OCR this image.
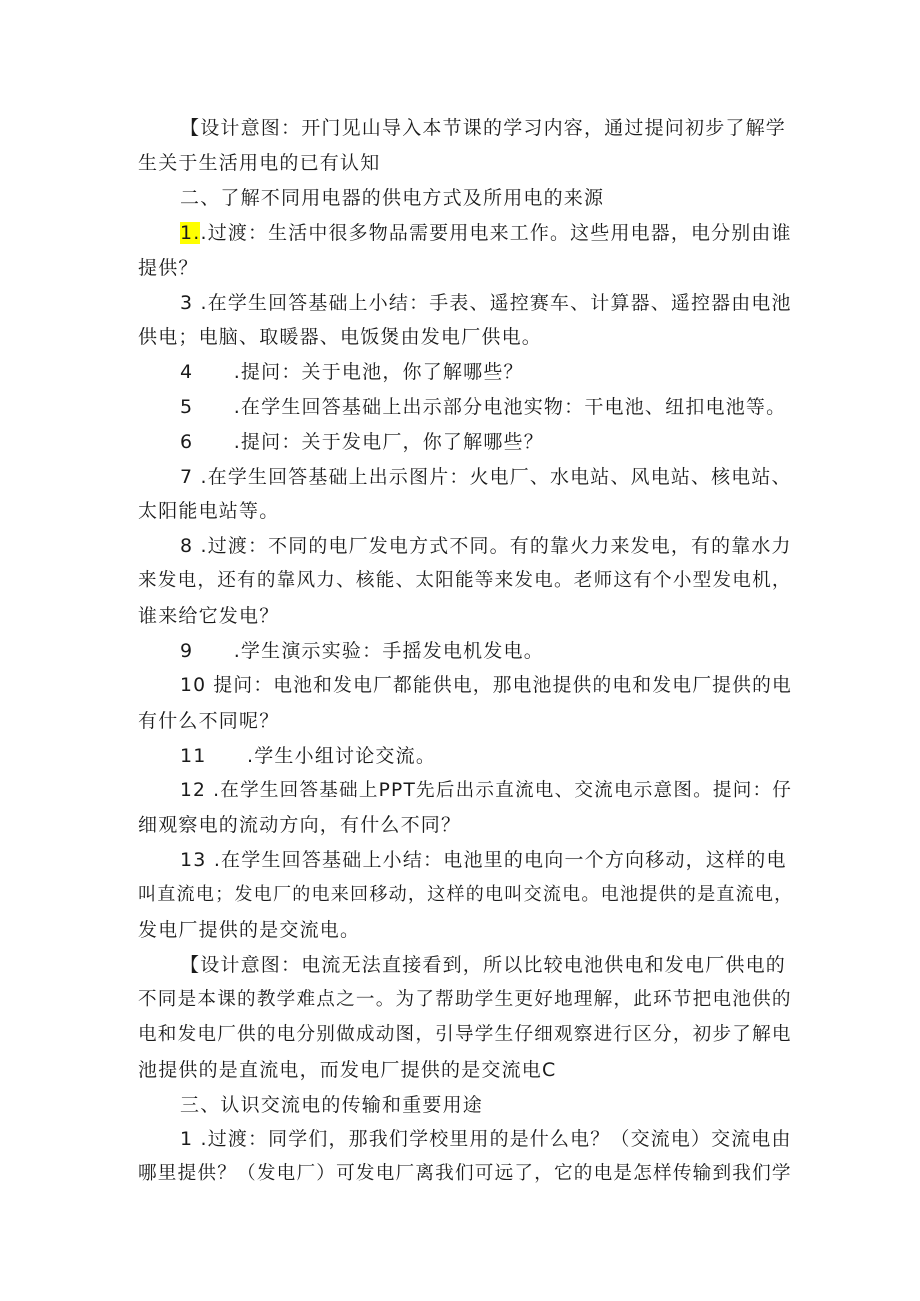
【设计意图：开门见山导入本节课的学习内容，通过提问初步了解学
生关于生活用电的已有认知
二、了解不同用电器的供电方式及所用电的来源
1..过渡：生活中很多物品需要用电来工作。这些用电器，电分别由谁
提供？
3 .在学生回答基础上小结：手表、遥控赛车、计算器、遥控器由电池
供电；电脑、取暖器、电饭煲由发电厂供电。
4　　.提问：关于电池，你了解哪些？
5　　.在学生回答基础上出示部分电池实物：干电池、纽扣电池等。
6　　.提问：关于发电厂，你了解哪些？
7 .在学生回答基础上出示图片：火电厂、水电站、风电站、核电站、
太阳能电站等。
8 .过渡：不同的电厂发电方式不同。有的靠火力来发电，有的靠水力
来发电，还有的靠风力、核能、太阳能等来发电。老师这有个小型发电机，
谁来给它发电？
9　　.学生演示实验：手摇发电机发电。
10 提问：电池和发电厂都能供电，那电池提供的电和发电厂提供的电
有什么不同呢？
11　　.学生小组讨论交流。
12 .在学生回答基础上PPT先后出示直流电、交流电示意图。提问：仔
细观察电的流动方向，有什么不同？
13 .在学生回答基础上小结：电池里的电向一个方向移动，这样的电
叫直流电；发电厂的电来回移动，这样的电叫交流电。电池提供的是直流电，
发电厂提供的是交流电。
【设计意图：电流无法直接看到，所以比较电池供电和发电厂供电的
不同是本课的教学难点之一。为了帮助学生更好地理解，此环节把电池供的
电和发电厂供的电分别做成动图，引导学生仔细观察进行区分，初步了解电
池提供的是直流电，而发电厂提供的是交流电C
三、认识交流电的传输和重要用途
1 .过渡：同学们，那我们学校里用的是什么电？（交流电）交流电由
哪里提供？（发电厂）可发电厂离我们可远了，它的电是怎样传输到我们学
